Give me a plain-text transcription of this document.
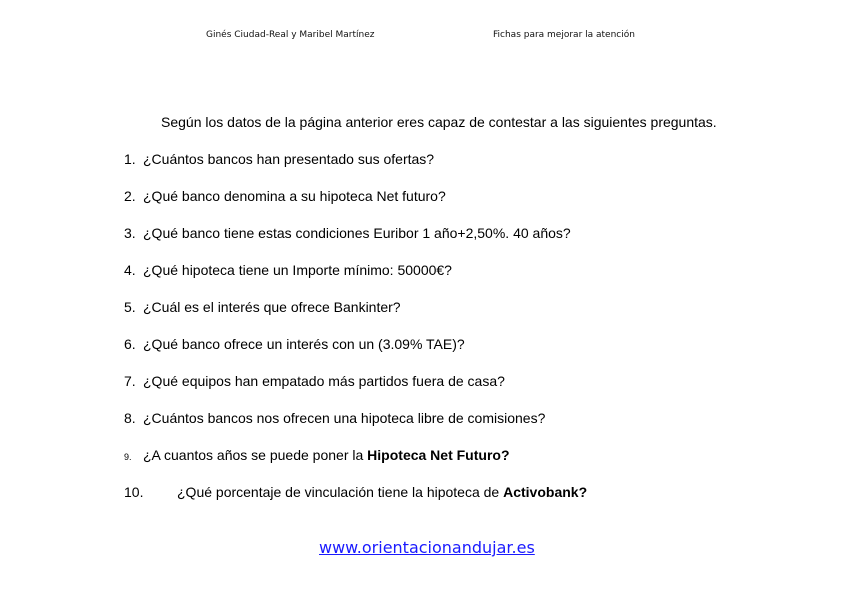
Ginés Ciudad-Real y Maribel Martínez	Fichas para mejorar la atención
Según los datos de la página anterior eres capaz de contestar a las siguientes preguntas.
1. ¿Cuántos bancos han presentado sus ofertas?
2. ¿Qué banco denomina a su hipoteca Net futuro?
3. ¿Qué banco tiene estas condiciones Euribor 1 año+2,50%. 40 años?
4. ¿Qué hipoteca tiene un Importe mínimo: 50000€?
5. ¿Cuál es el interés que ofrece Bankinter?
6. ¿Qué banco ofrece un interés con un (3.09% TAE)?
7. ¿Qué equipos han empatado más partidos fuera de casa?
8. ¿Cuántos bancos nos ofrecen una hipoteca libre de comisiones?
9. ¿A cuantos años se puede poner la Hipoteca Net Futuro?
10. ¿Qué porcentaje de vinculación tiene la hipoteca de Activobank?
www.orientacionandujar.es
